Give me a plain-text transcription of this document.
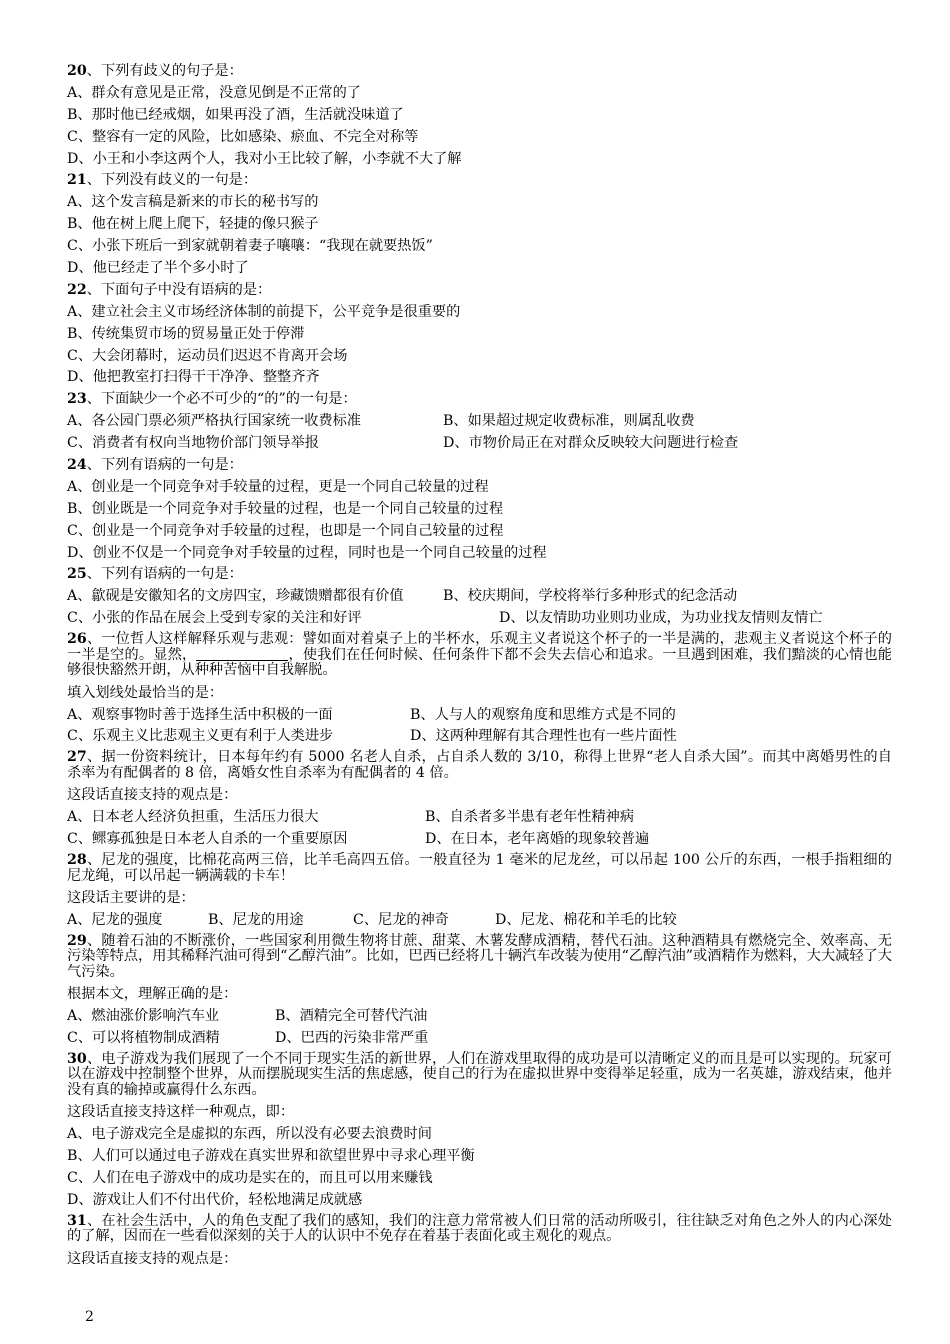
20、下列有歧义的句子是：
A、群众有意见是正常，没意见倒是不正常的了
B、那时他已经戒烟，如果再没了酒，生活就没味道了
C、整容有一定的风险，比如感染、瘀血、不完全对称等
D、小王和小李这两个人，我对小王比较了解，小李就不大了解
21、下列没有歧义的一句是：
A、这个发言稿是新来的市长的秘书写的
B、他在树上爬上爬下，轻捷的像只猴子
C、小张下班后一到家就朝着妻子嚷嚷：“我现在就要热饭”
D、他已经走了半个多小时了
22、下面句子中没有语病的是：
A、建立社会主义市场经济体制的前提下，公平竞争是很重要的
B、传统集贸市场的贸易量正处于停滞
C、大会闭幕时，运动员们迟迟不肯离开会场
D、他把教室打扫得干干净净、整整齐齐
23、下面缺少一个必不可少的“的”的一句是：
A、各公园门票必须严格执行国家统一收费标准	B、如果超过规定收费标准，则属乱收费
C、消费者有权向当地物价部门领导举报	D、市物价局正在对群众反映较大问题进行检查
24、下列有语病的一句是：
A、创业是一个同竞争对手较量的过程，更是一个同自己较量的过程
B、创业既是一个同竞争对手较量的过程，也是一个同自己较量的过程
C、创业是一个同竞争对手较量的过程，也即是一个同自己较量的过程
D、创业不仅是一个同竞争对手较量的过程，同时也是一个同自己较量的过程
25、下列有语病的一句是：
A、歙砚是安徽知名的文房四宝，珍藏馈赠都很有价值	B、校庆期间，学校将举行多种形式的纪念活动
C、小张的作品在展会上受到专家的关注和好评	D、以友情助功业则功业成，为功业找友情则友情亡
26、一位哲人这样解释乐观与悲观：譬如面对着桌子上的半杯水，乐观主义者说这个杯子的一半是满的，悲观主义者说这个杯子的一半是空的。显然，	，使我们在任何时候、任何条件下都不会失去信心和追求。一旦遇到困难，我们黯淡的心情也能够很快豁然开朗，从种种苦恼中自我解脱。
填入划线处最恰当的是：
A、观察事物时善于选择生活中积极的一面	B、人与人的观察角度和思维方式是不同的
C、乐观主义比悲观主义更有利于人类进步	D、这两种理解有其合理性也有一些片面性
27、据一份资料统计，日本每年约有 5000 名老人自杀，占自杀人数的 3/10，称得上世界“老人自杀大国”。而其中离婚男性的自杀率为有配偶者的 8 倍，离婚女性自杀率为有配偶者的 4 倍。
这段话直接支持的观点是：
A、日本老人经济负担重，生活压力很大	B、自杀者多半患有老年性精神病
C、鳏寡孤独是日本老人自杀的一个重要原因	D、在日本，老年离婚的现象较普遍
28、尼龙的强度，比棉花高两三倍，比羊毛高四五倍。一般直径为 1 毫米的尼龙丝，可以吊起 100 公斤的东西，一根手指粗细的尼龙绳，可以吊起一辆满载的卡车！
这段话主要讲的是：
A、尼龙的强度	B、尼龙的用途	C、尼龙的神奇	D、尼龙、棉花和羊毛的比较
29、随着石油的不断涨价，一些国家利用微生物将甘蔗、甜菜、木薯发酵成酒精，替代石油。这种酒精具有燃烧完全、效率高、无污染等特点，用其稀释汽油可得到“乙醇汽油”。比如，巴西已经将几十辆汽车改装为使用“乙醇汽油”或酒精作为燃料，大大减轻了大气污染。
根据本文，理解正确的是：
A、燃油涨价影响汽车业	B、酒精完全可替代汽油
C、可以将植物制成酒精	D、巴西的污染非常严重
30、电子游戏为我们展现了一个不同于现实生活的新世界，人们在游戏里取得的成功是可以清晰定义的而且是可以实现的。玩家可以在游戏中控制整个世界，从而摆脱现实生活的焦虑感，使自己的行为在虚拟世界中变得举足轻重，成为一名英雄，游戏结束，他并没有真的输掉或赢得什么东西。
这段话直接支持这样一种观点，即：
A、电子游戏完全是虚拟的东西，所以没有必要去浪费时间
B、人们可以通过电子游戏在真实世界和欲望世界中寻求心理平衡
C、人们在电子游戏中的成功是实在的，而且可以用来赚钱
D、游戏让人们不付出代价，轻松地满足成就感
31、在社会生活中，人的角色支配了我们的感知，我们的注意力常常被人们日常的活动所吸引，往往缺乏对角色之外人的内心深处的了解，因而在一些看似深刻的关于人的认识中不免存在着基于表面化或主观化的观点。
这段话直接支持的观点是：
2
